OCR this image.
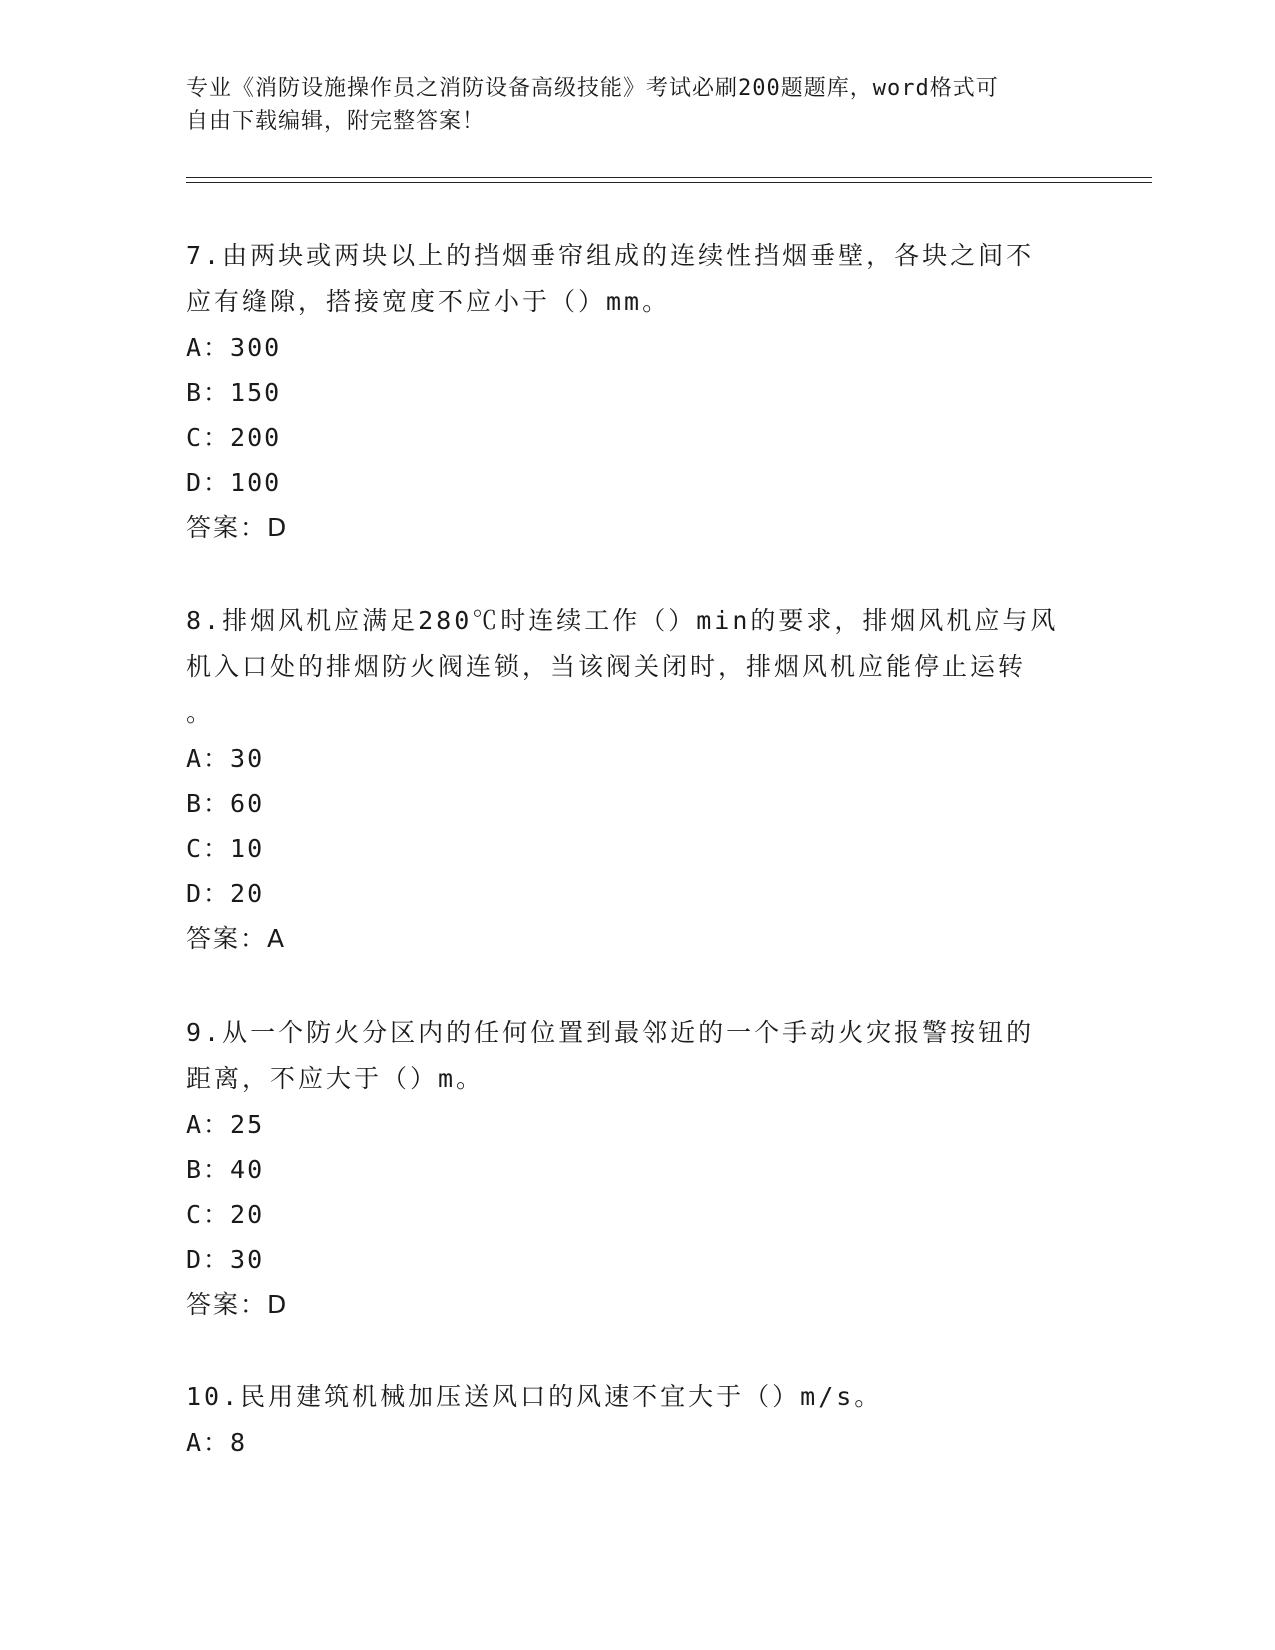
专业《消防设施操作员之消防设备高级技能》考试必刷200题题库，word格式可
自由下载编辑，附完整答案！
7.由两块或两块以上的挡烟垂帘组成的连续性挡烟垂壁，各块之间不
应有缝隙，搭接宽度不应小于（）mm。
A：300
B：150
C：200
D：100
答案：D
8.排烟风机应满足280℃时连续工作（）min的要求，排烟风机应与风
机入口处的排烟防火阀连锁，当该阀关闭时，排烟风机应能停止运转
。
A：30
B：60
C：10
D：20
答案：A
9.从一个防火分区内的任何位置到最邻近的一个手动火灾报警按钮的
距离，不应大于（）m。
A：25
B：40
C：20
D：30
答案：D
10.民用建筑机械加压送风口的风速不宜大于（）m/s。
A：8
